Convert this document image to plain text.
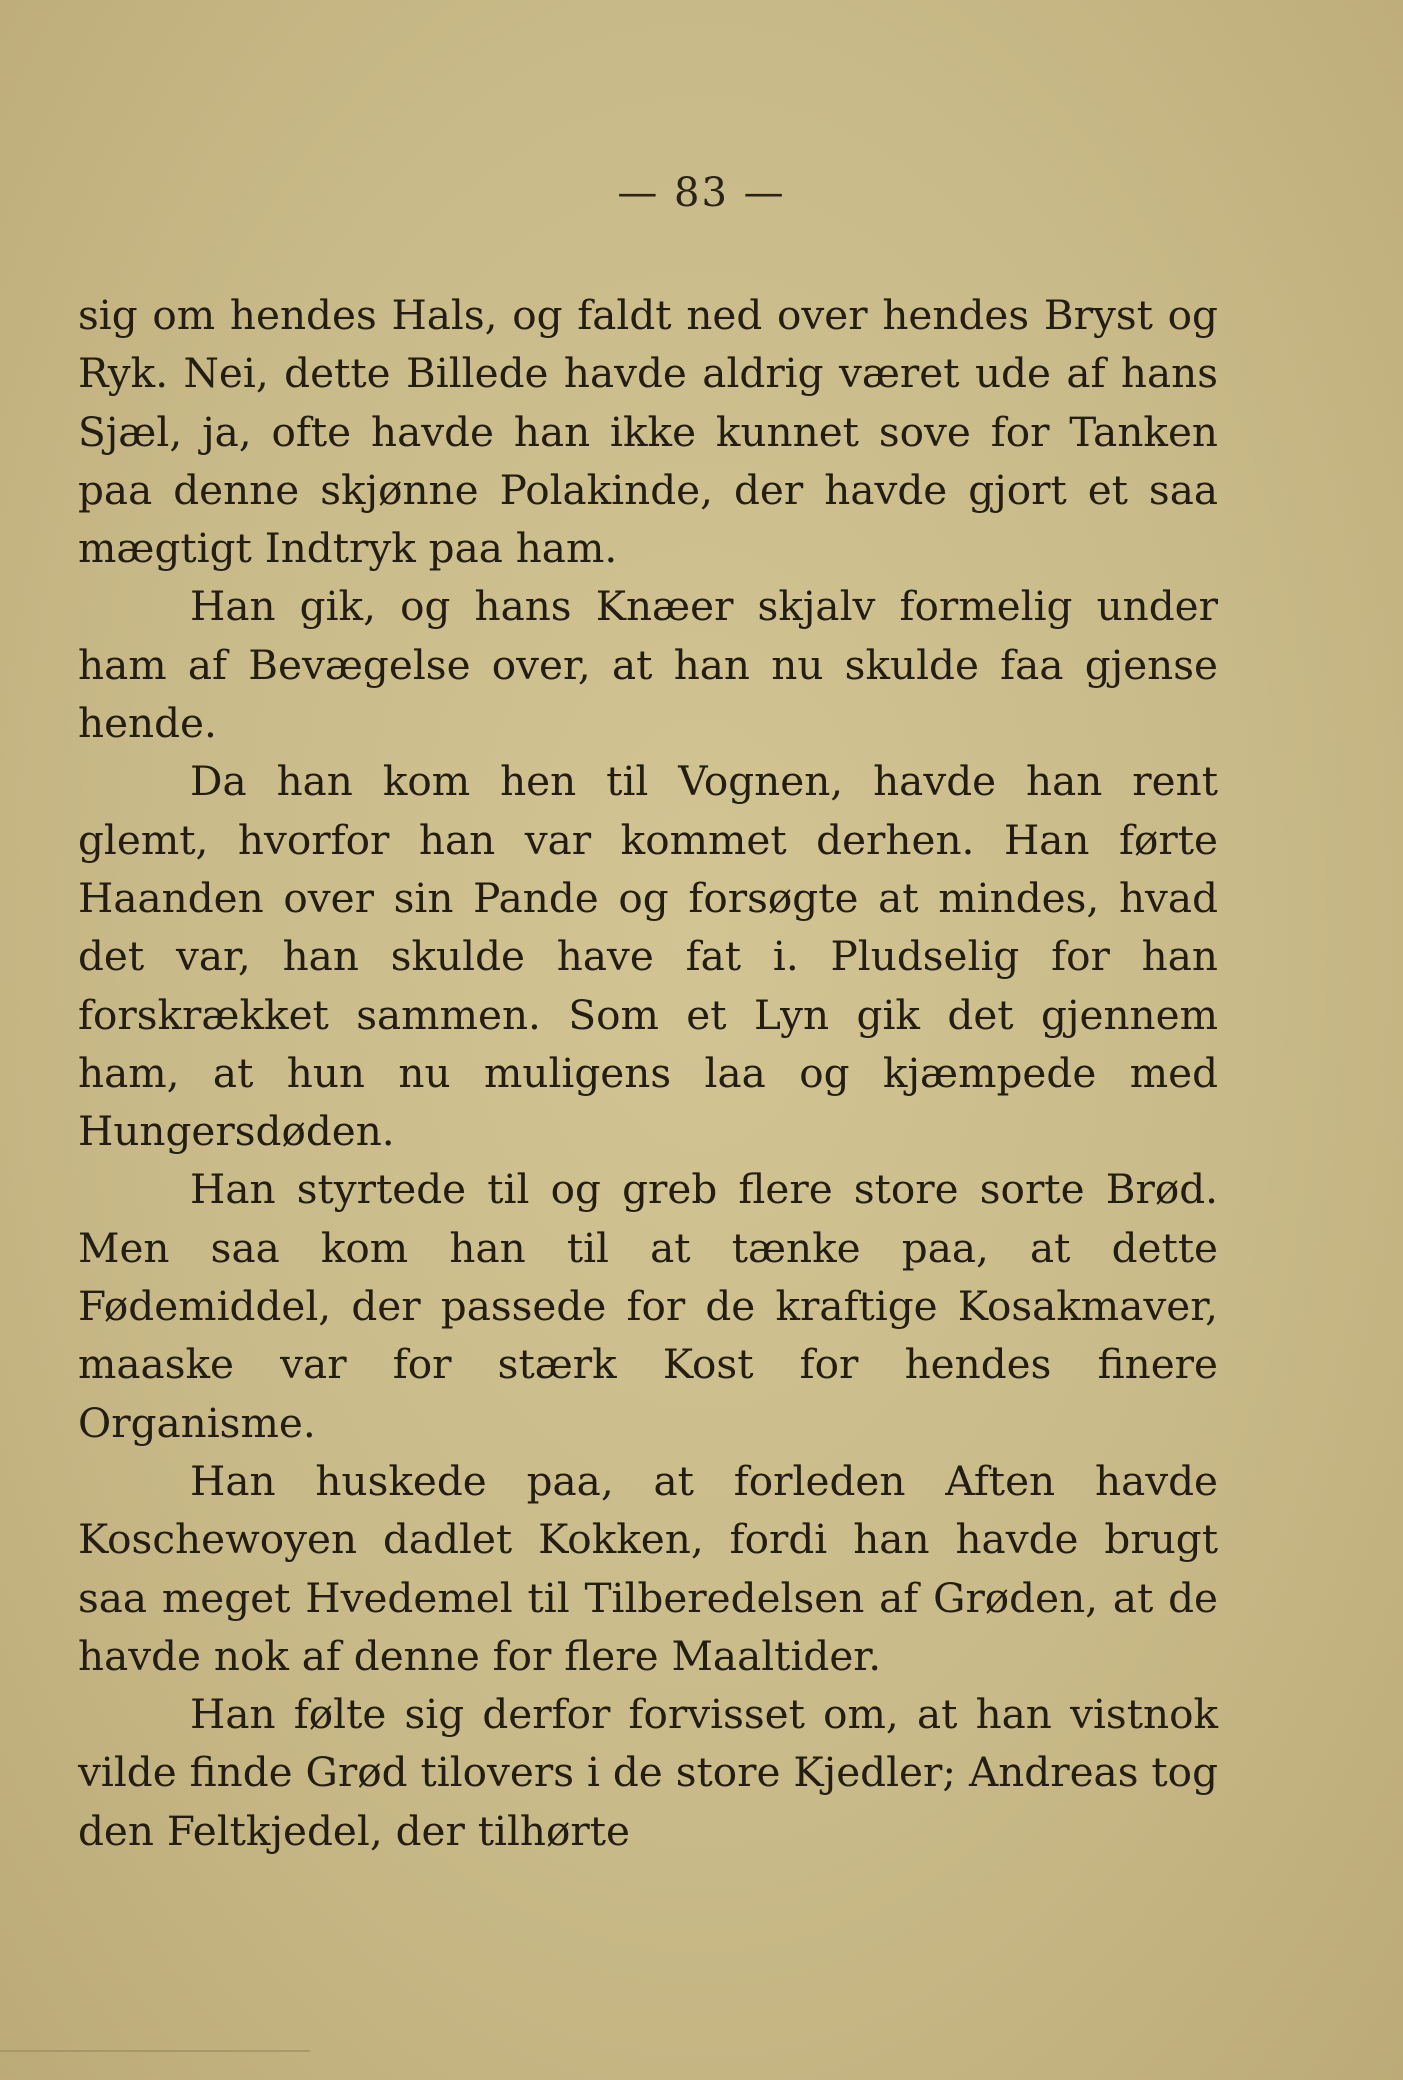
— 83 —

sig om hendes Hals, og faldt ned over hendes Bryst og Ryk. Nei, dette Billede havde aldrig været ude af hans Sjæl, ja, ofte havde han ikke kunnet sove for Tanken paa denne skjønne Polakinde, der havde gjort et saa mægtigt Indtryk paa ham.

Han gik, og hans Knæer skjalv formelig under ham af Bevægelse over, at han nu skulde faa gjense hende.

Da han kom hen til Vognen, havde han rent glemt, hvorfor han var kommet derhen. Han førte Haanden over sin Pande og forsøgte at mindes, hvad det var, han skulde have fat i. Pludselig for han forskrækket sammen. Som et Lyn gik det gjennem ham, at hun nu muligens laa og kjæmpede med Hungersdøden.

Han styrtede til og greb flere store sorte Brød. Men saa kom han til at tænke paa, at dette Fødemiddel, der passede for de kraftige Kosakmaver, maaske var for stærk Kost for hendes finere Organisme.

Han huskede paa, at forleden Aften havde Koschewoyen dadlet Kokken, fordi han havde brugt saa meget Hvedemel til Tilberedelsen af Grøden, at de havde nok af denne for flere Maaltider.

Han følte sig derfor forvisset om, at han vistnok vilde finde Grød tilovers i de store Kjedler; Andreas tog den Feltkjedel, der tilhørte
